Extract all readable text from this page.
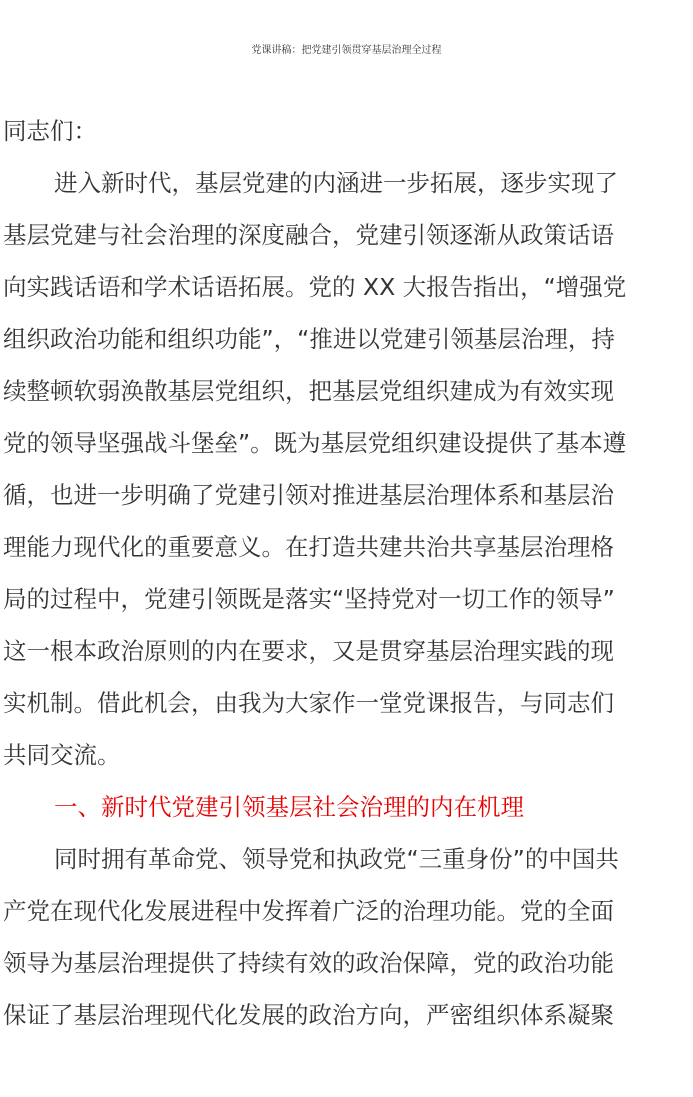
党课讲稿：把党建引领贯穿基层治理全过程
同志们：
进入新时代，基层党建的内涵进一步拓展，逐步实现了
基层党建与社会治理的深度融合，党建引领逐渐从政策话语
向实践话语和学术话语拓展。党的 XX 大报告指出，“增强党
组织政治功能和组织功能”，“推进以党建引领基层治理，持
续整顿软弱涣散基层党组织，把基层党组织建成为有效实现
党的领导坚强战斗堡垒”。既为基层党组织建设提供了基本遵
循，也进一步明确了党建引领对推进基层治理体系和基层治
理能力现代化的重要意义。在打造共建共治共享基层治理格
局的过程中，党建引领既是落实“坚持党对一切工作的领导”
这一根本政治原则的内在要求，又是贯穿基层治理实践的现
实机制。借此机会，由我为大家作一堂党课报告，与同志们
共同交流。
一、新时代党建引领基层社会治理的内在机理
同时拥有革命党、领导党和执政党“三重身份”的中国共
产党在现代化发展进程中发挥着广泛的治理功能。党的全面
领导为基层治理提供了持续有效的政治保障，党的政治功能
保证了基层治理现代化发展的政治方向，严密组织体系凝聚
